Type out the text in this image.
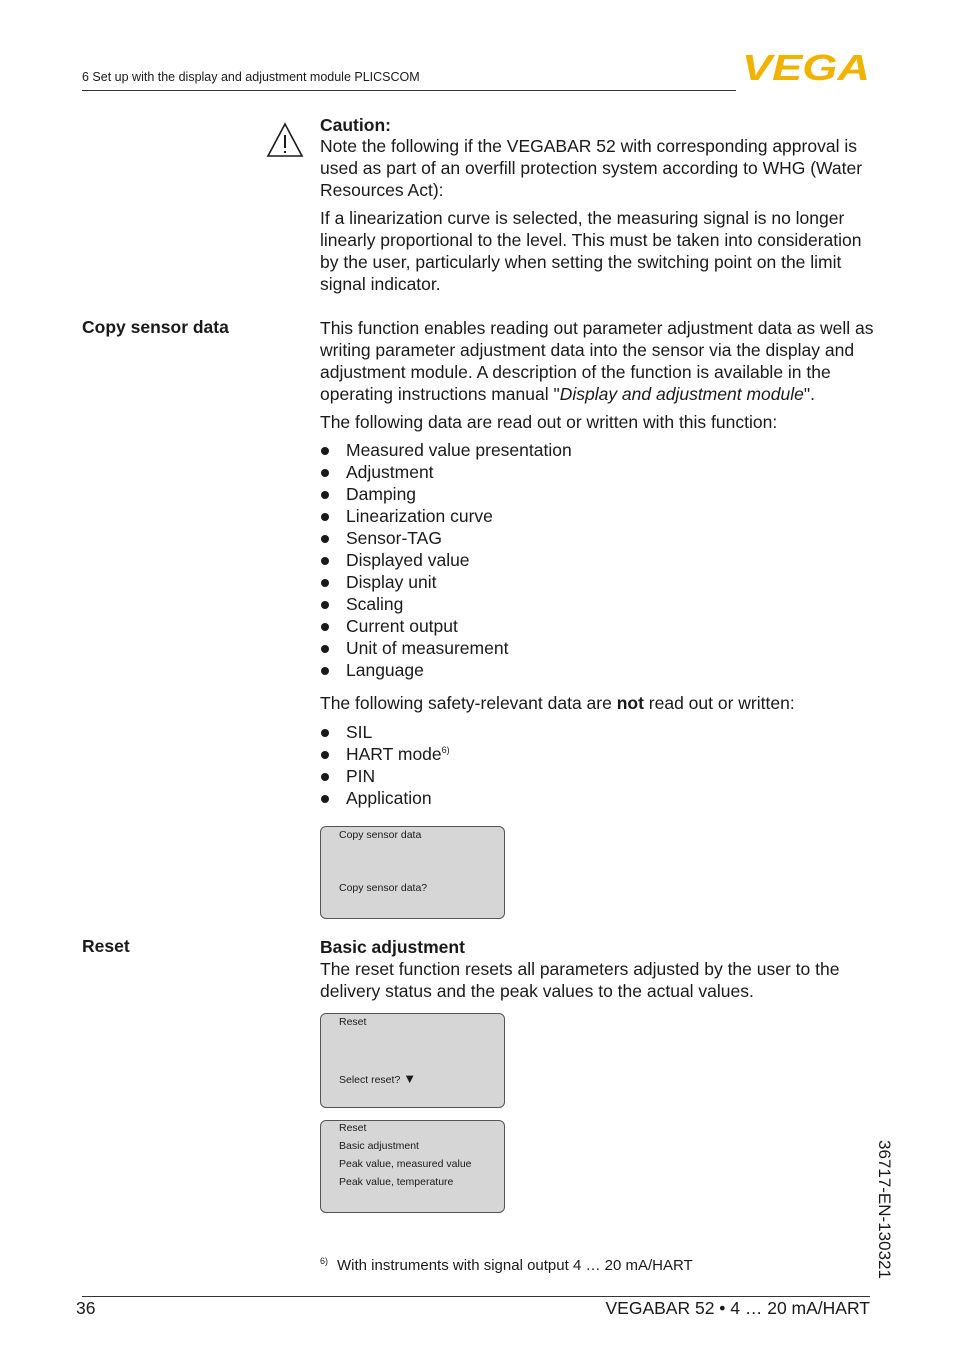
6 Set up with the display and adjustment module PLICSCOM	VEGA
Caution:
Note the following if the VEGABAR 52 with corresponding approval is used as part of an overfill protection system according to WHG (Water Resources Act):
If a linearization curve is selected, the measuring signal is no longer linearly proportional to the level. This must be taken into consideration by the user, particularly when setting the switching point on the limit signal indicator.
Copy sensor data	This function enables reading out parameter adjustment data as well as writing parameter adjustment data into the sensor via the display and adjustment module. A description of the function is available in the operating instructions manual "Display and adjustment module".
The following data are read out or written with this function:
Measured value presentation
Adjustment
Damping
Linearization curve
Sensor-TAG
Displayed value
Display unit
Scaling
Current output
Unit of measurement
Language
The following safety-relevant data are not read out or written:
SIL
HART mode$^{6)}$
PIN
Application
Copy sensor data
Copy sensor data?
Reset	Basic adjustment
The reset function resets all parameters adjusted by the user to the delivery status and the peak values to the actual values.
Reset
Select reset? ▼
Reset
Basic adjustment
Peak value, measured value
Peak value, temperature
$^{6)}$ With instruments with signal output 4 … 20 mA/HART	36717-EN-130321
36	VEGABAR 52 • 4 … 20 mA/HART
